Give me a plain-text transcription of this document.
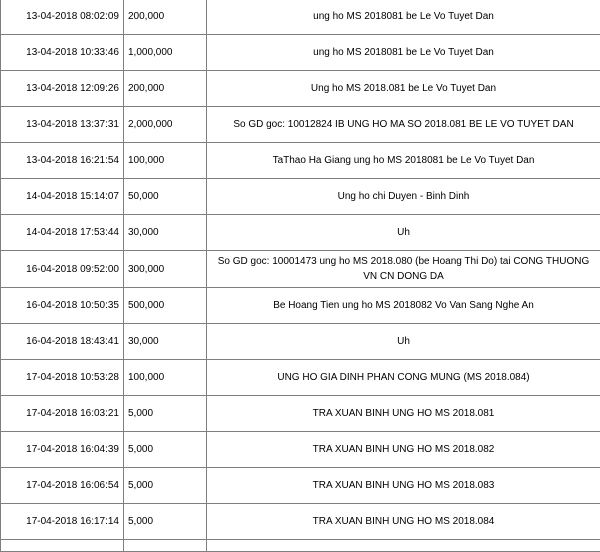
13-04-2018 08:02:09	200,000	ung ho MS 2018081 be Le Vo Tuyet Dan
13-04-2018 10:33:46	1,000,000	ung ho MS 2018081 be Le Vo Tuyet Dan
13-04-2018 12:09:26	200,000	Ung ho MS 2018.081 be Le Vo Tuyet Dan
13-04-2018 13:37:31	2,000,000	So GD goc: 10012824 IB UNG HO MA SO 2018.081 BE LE VO TUYET DAN
13-04-2018 16:21:54	100,000	TaThao Ha Giang ung ho MS 2018081 be Le Vo Tuyet Dan
14-04-2018 15:14:07	50,000	Ung ho chi Duyen - Binh Dinh
14-04-2018 17:53:44	30,000	Uh
16-04-2018 09:52:00	300,000	So GD goc: 10001473 ung ho MS 2018.080 (be Hoang Thi Do) tai CONG THUONG VN CN DONG DA
16-04-2018 10:50:35	500,000	Be Hoang Tien ung ho MS 2018082 Vo Van Sang Nghe An
16-04-2018 18:43:41	30,000	Uh
17-04-2018 10:53:28	100,000	UNG HO GIA DINH PHAN CONG MUNG (MS 2018.084)
17-04-2018 16:03:21	5,000	TRA XUAN BINH UNG HO MS 2018.081
17-04-2018 16:04:39	5,000	TRA XUAN BINH UNG HO MS 2018.082
17-04-2018 16:06:54	5,000	TRA XUAN BINH UNG HO MS 2018.083
17-04-2018 16:17:14	5,000	TRA XUAN BINH UNG HO MS 2018.084
